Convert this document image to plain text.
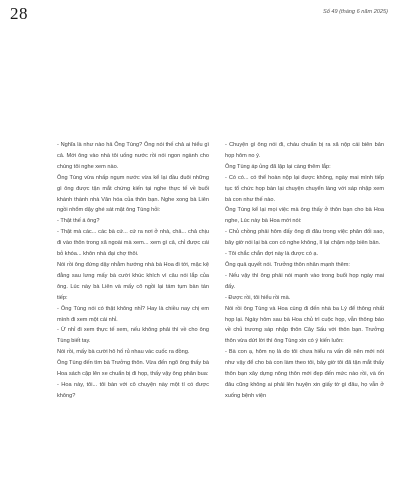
28	Số 49 (tháng 6 năm 2025)

- Nghĩa là như nào hả Ông Tùng? Ông nói thế chả ai hiểu gì cả. Mới ông vào nhà tôi uống nước rồi nói ngon ngành cho chúng tôi nghe xem nào.

Ông Tùng vừa nhấp ngụm nước vừa kể lại đầu đuôi những gì ông được tận mắt chứng kiến tại nghe thực tế về buổi khánh thành nhà Văn hóa của thôn bạn. Nghe xong bà Liên ngồi nhổm dậy ghé sát mặt ông Tùng hỏi:

- Thật thế á ông?

- Thật mà các... các bà cứ... cứ ra nơi ở nhà, chả... chả chịu đi vào thôn trong xã ngoài mà xem... xem gì cả, chỉ được cái bỏ khóa... khôn nhà đại chợ thôi.

Nói rồi ông đứng dậy nhằm hướng nhà bà Hoa đi tới, mặc kệ đằng sau lưng mấy bà cười khúc khích vì câu nói lắp của ông. Lúc này bà Liên và mấy cô ngồi lại tám tụm bàn tán tiếp:

- Ông Tùng nói có thật không nhỉ? Hay là chiều nay chị em mình đi xem một cái nhỉ.

- Ừ nhỉ đi xem thực tế xem, nếu không phải thì về cho ông Tùng biết tay.

Nói rồi, mấy bà cười hô hố rủ nhau vác cuốc ra đồng.

Ông Tùng đến tìm bà Trưởng thôn. Vừa đến ngõ ông thấy bà Hoa sách cặp lên xe chuẩn bị đi họp, thấy vậy ông phân bua:

- Hoa này, tôi... tôi bàn với cô chuyện này một tí có được không?

- Chuyện gì ông nói đi, cháu chuẩn bị ra xã nộp cái biên bản họp hôm no ý.

Ông Tùng áp ủng đã lập lại càng thêm lắp:

- Có có... có thể hoàn nộp lại được không, ngày mai mình tiếp tục tổ chức họp bàn lại chuyện chuyển làng với sáp nhập xem bà con như thế nào.

Ông Tùng kể lại mọi việc mà ông thấy ở thôn bạn cho bà Hoa nghe, Lúc này bà Hoa mới nói:

- Chủ chồng phải hôm đấy ông đi đâu trong việc phân đối sao, bây giờ nói lại bà con có nghe không, lí lại chậm nộp biên bản.

- Tôi chắc chắn đợt này là được có ạ.

Ông quả quyết nói. Trưởng thôn nhân mạnh thêm:

- Nếu vậy thì ông phải nói mạnh vào trong buổi họp ngày mai đấy.

- Được rồi, tôi hiểu rồi mà.

Nói rồi ông Tùng và Hoa cùng đi đến nhà ba Lý để thông nhất họp lại. Ngày hôm sau bà Hoa chủ trì cuộc họp, vẫn thông báo về chủ trương sáp nhập thôn Cây Sấu với thôn bạn. Trưởng thôn vừa dứt lời thì ông Tùng xin có ý kiến luôn:

- Bà con ạ, hôm nọ là do tôi chưa hiểu ra vấn đề nên mới nói như vậy để cho bà con làm theo tôi, bây giờ tôi đã tận mắt thấy thôn bạn xây dựng nông thôn mới đẹp đến mức nào rồi, và ốn đâu cũng không ai phải lên huyện xin giấy tờ gì đâu, họ vẫn ở xuống bệnh viện
